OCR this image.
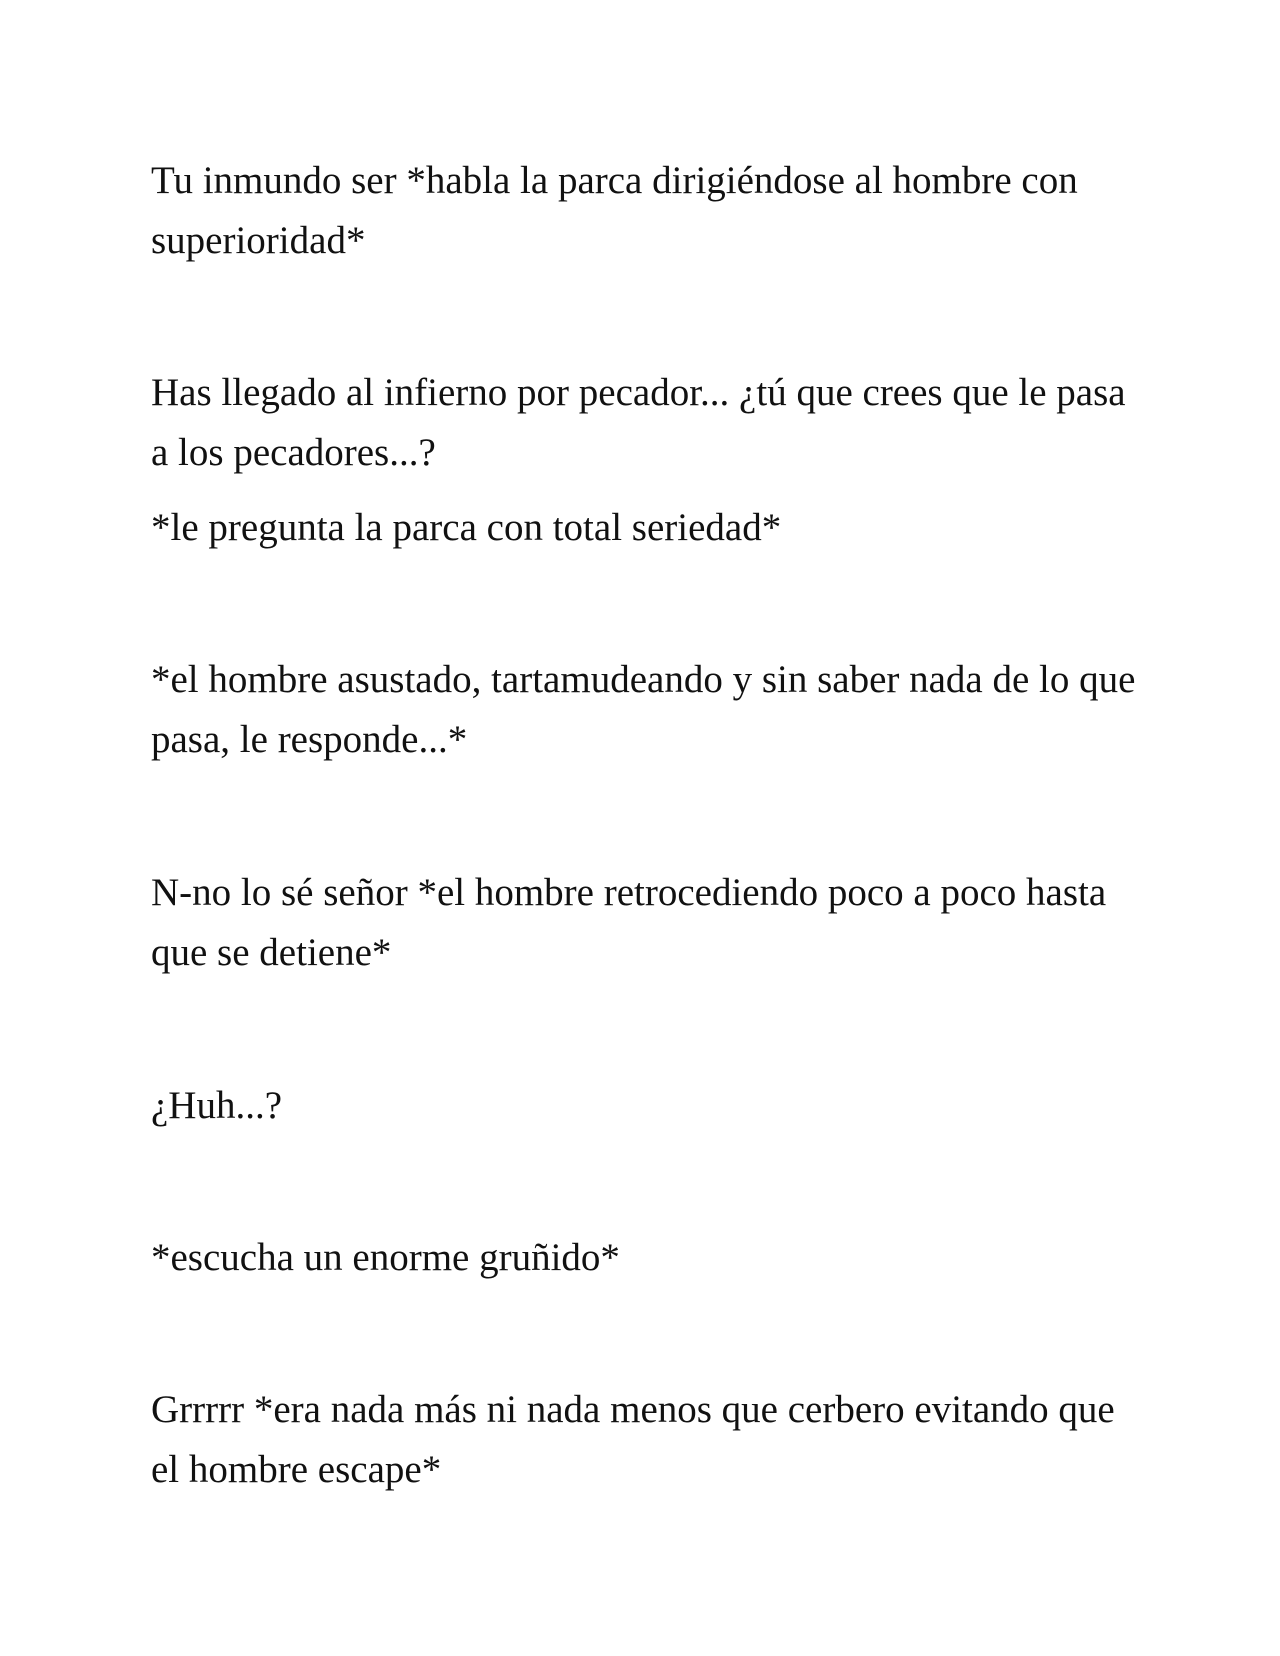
Tu inmundo ser *habla la parca dirigiéndose al hombre con superioridad*

Has llegado al infierno por pecador... ¿tú que crees que le pasa a los pecadores...?

*le pregunta la parca con total seriedad*

*el hombre asustado, tartamudeando y sin saber nada de lo que pasa, le responde...*

N-no lo sé señor *el hombre retrocediendo poco a poco hasta que se detiene*

¿Huh...?

*escucha un enorme gruñido*

Grrrrr *era nada más ni nada menos que cerbero evitando que el hombre escape*
